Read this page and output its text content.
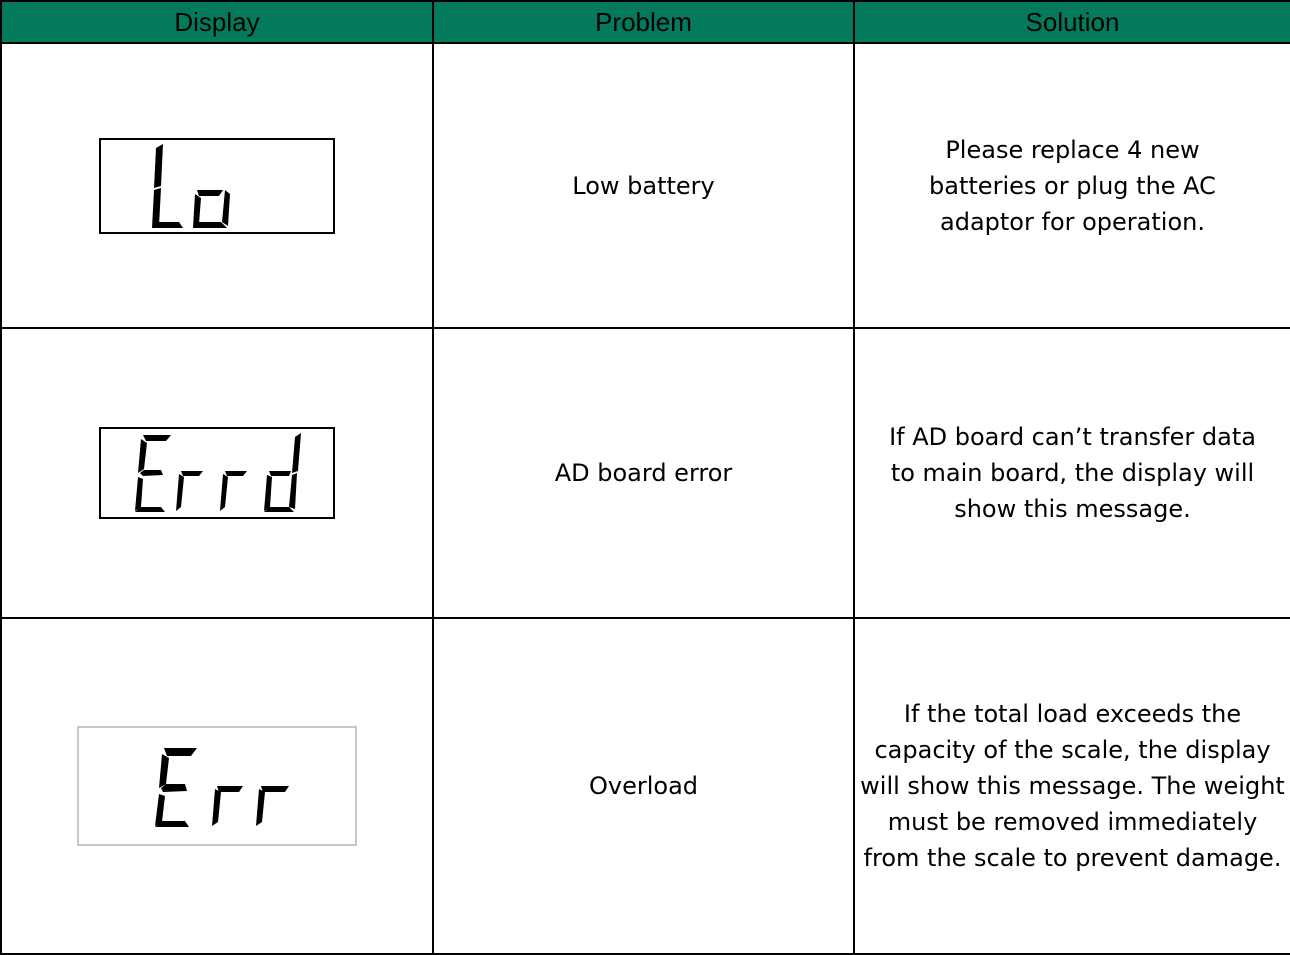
Display	Problem	Solution

	Low battery	Please replace 4 new batteries or plug the AC adaptor for operation.

	AD board error	If AD board can’t transfer data to main board, the display will show this message.

	Overload	If the total load exceeds the capacity of the scale, the display will show this message. The weight must be removed immediately from the scale to prevent damage.
